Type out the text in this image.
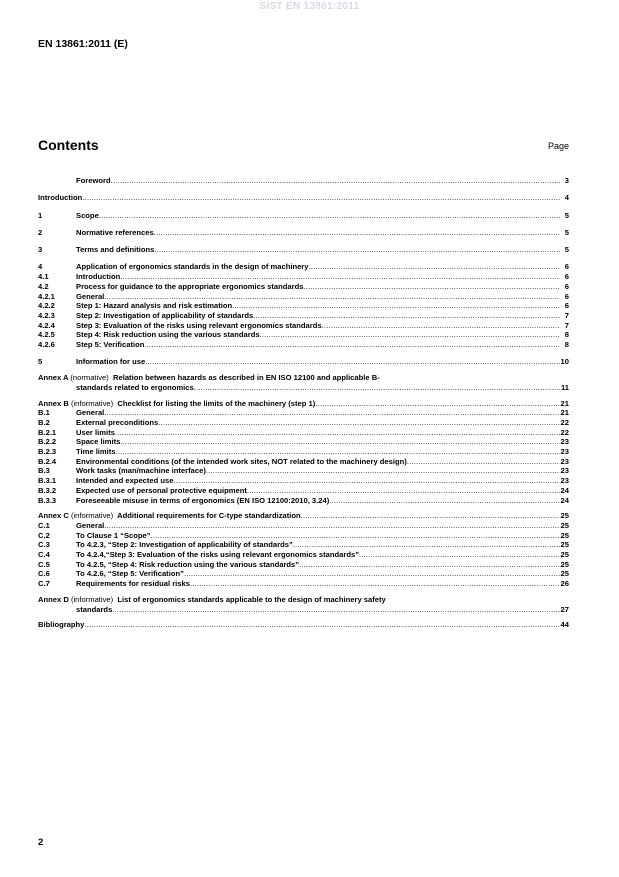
SIST EN 13861:2011
EN 13861:2011 (E)
Contents	Page
Foreword .....	3
Introduction .....	4
1	Scope .....	5
2	Normative references .....	5
3	Terms and definitions .....	5
4	Application of ergonomics standards in the design of machinery .....	6
4.1	Introduction .....	6
4.2	Process for guidance to the appropriate ergonomics standards .....	6
4.2.1	General .....	6
4.2.2	Step 1: Hazard analysis and risk estimation .....	6
4.2.3	Step 2: Investigation of applicability of standards .....	7
4.2.4	Step 3: Evaluation of the risks using relevant ergonomics standards .....	7
4.2.5	Step 4: Risk reduction using the various standards .....	8
4.2.6	Step 5: Verification .....	8
5	Information for use .....	10
Annex A (normative) Relation between hazards as described in EN ISO 12100 and applicable B-
standards related to ergonomics .....	11
Annex B (informative) Checklist for listing the limits of the machinery (step 1) .....	21
B.1	General .....	21
B.2	External preconditions .....	22
B.2.1	User limits .....	22
B.2.2	Space limits .....	23
B.2.3	Time limits .....	23
B.2.4	Environmental conditions (of the intended work sites, NOT related to the machinery design) .....	23
B.3	Work tasks (man/machine interface) .....	23
B.3.1	Intended and expected use .....	23
B.3.2	Expected use of personal protective equipment .....	24
B.3.3	Foreseeable misuse in terms of ergonomics (EN ISO 12100:2010, 3.24) .....	24
Annex C (informative) Additional requirements for C-type standardization .....	25
C.1	General .....	25
C.2	To Clause 1 “Scope” .....	25
C.3	To 4.2.3, “Step 2: Investigation of applicability of standards” .....	25
C.4	To 4.2.4,“Step 3: Evaluation of the risks using relevant ergonomics standards” .....	25
C.5	To 4.2.5, “Step 4: Risk reduction using the various standards” .....	25
C.6	To 4.2.6, “Step 5: Verification” .....	25
C.7	Requirements for residual risks .....	26
Annex D (informative) List of ergonomics standards applicable to the design of machinery safety
standards .....	27
Bibliography .....	44
2
